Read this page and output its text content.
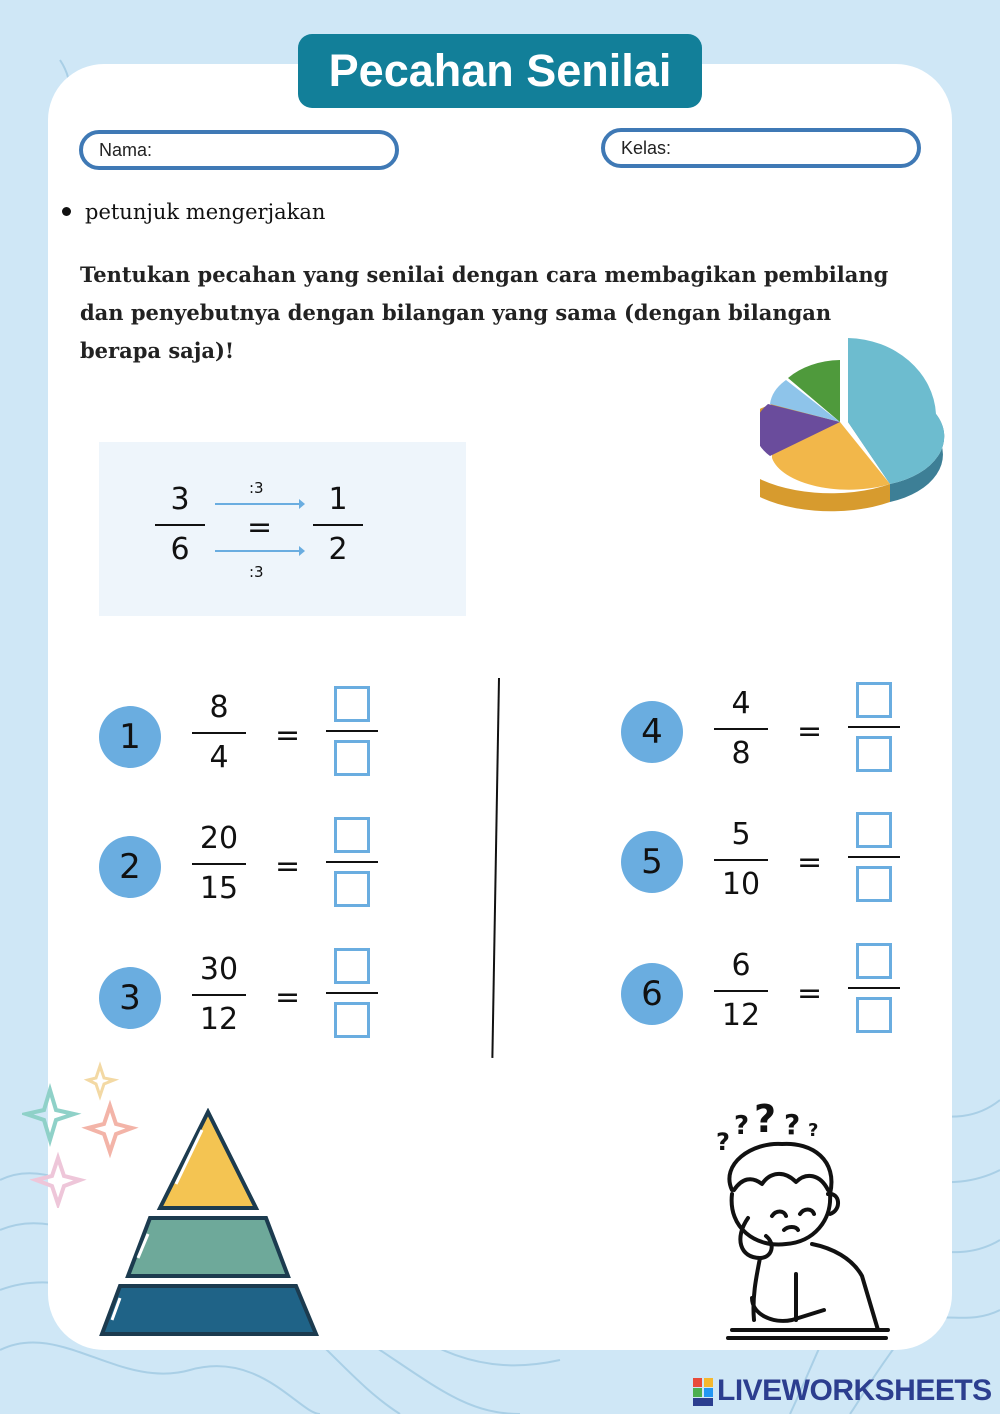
Pecahan Senilai
Nama:	Kelas:
petunjuk mengerjakan
Tentukan pecahan yang senilai dengan cara membagikan pembilang dan penyebutnya dengan bilangan yang sama (dengan bilangan berapa saja)!
3
6
:3
=
:3
1
2
1
8
4
=
2
20
15
=
3
30
12
=
4
4
8
=
5
5
10
=
6
6
12
=
?
? ? ? ?
LIVEWORKSHEETS
